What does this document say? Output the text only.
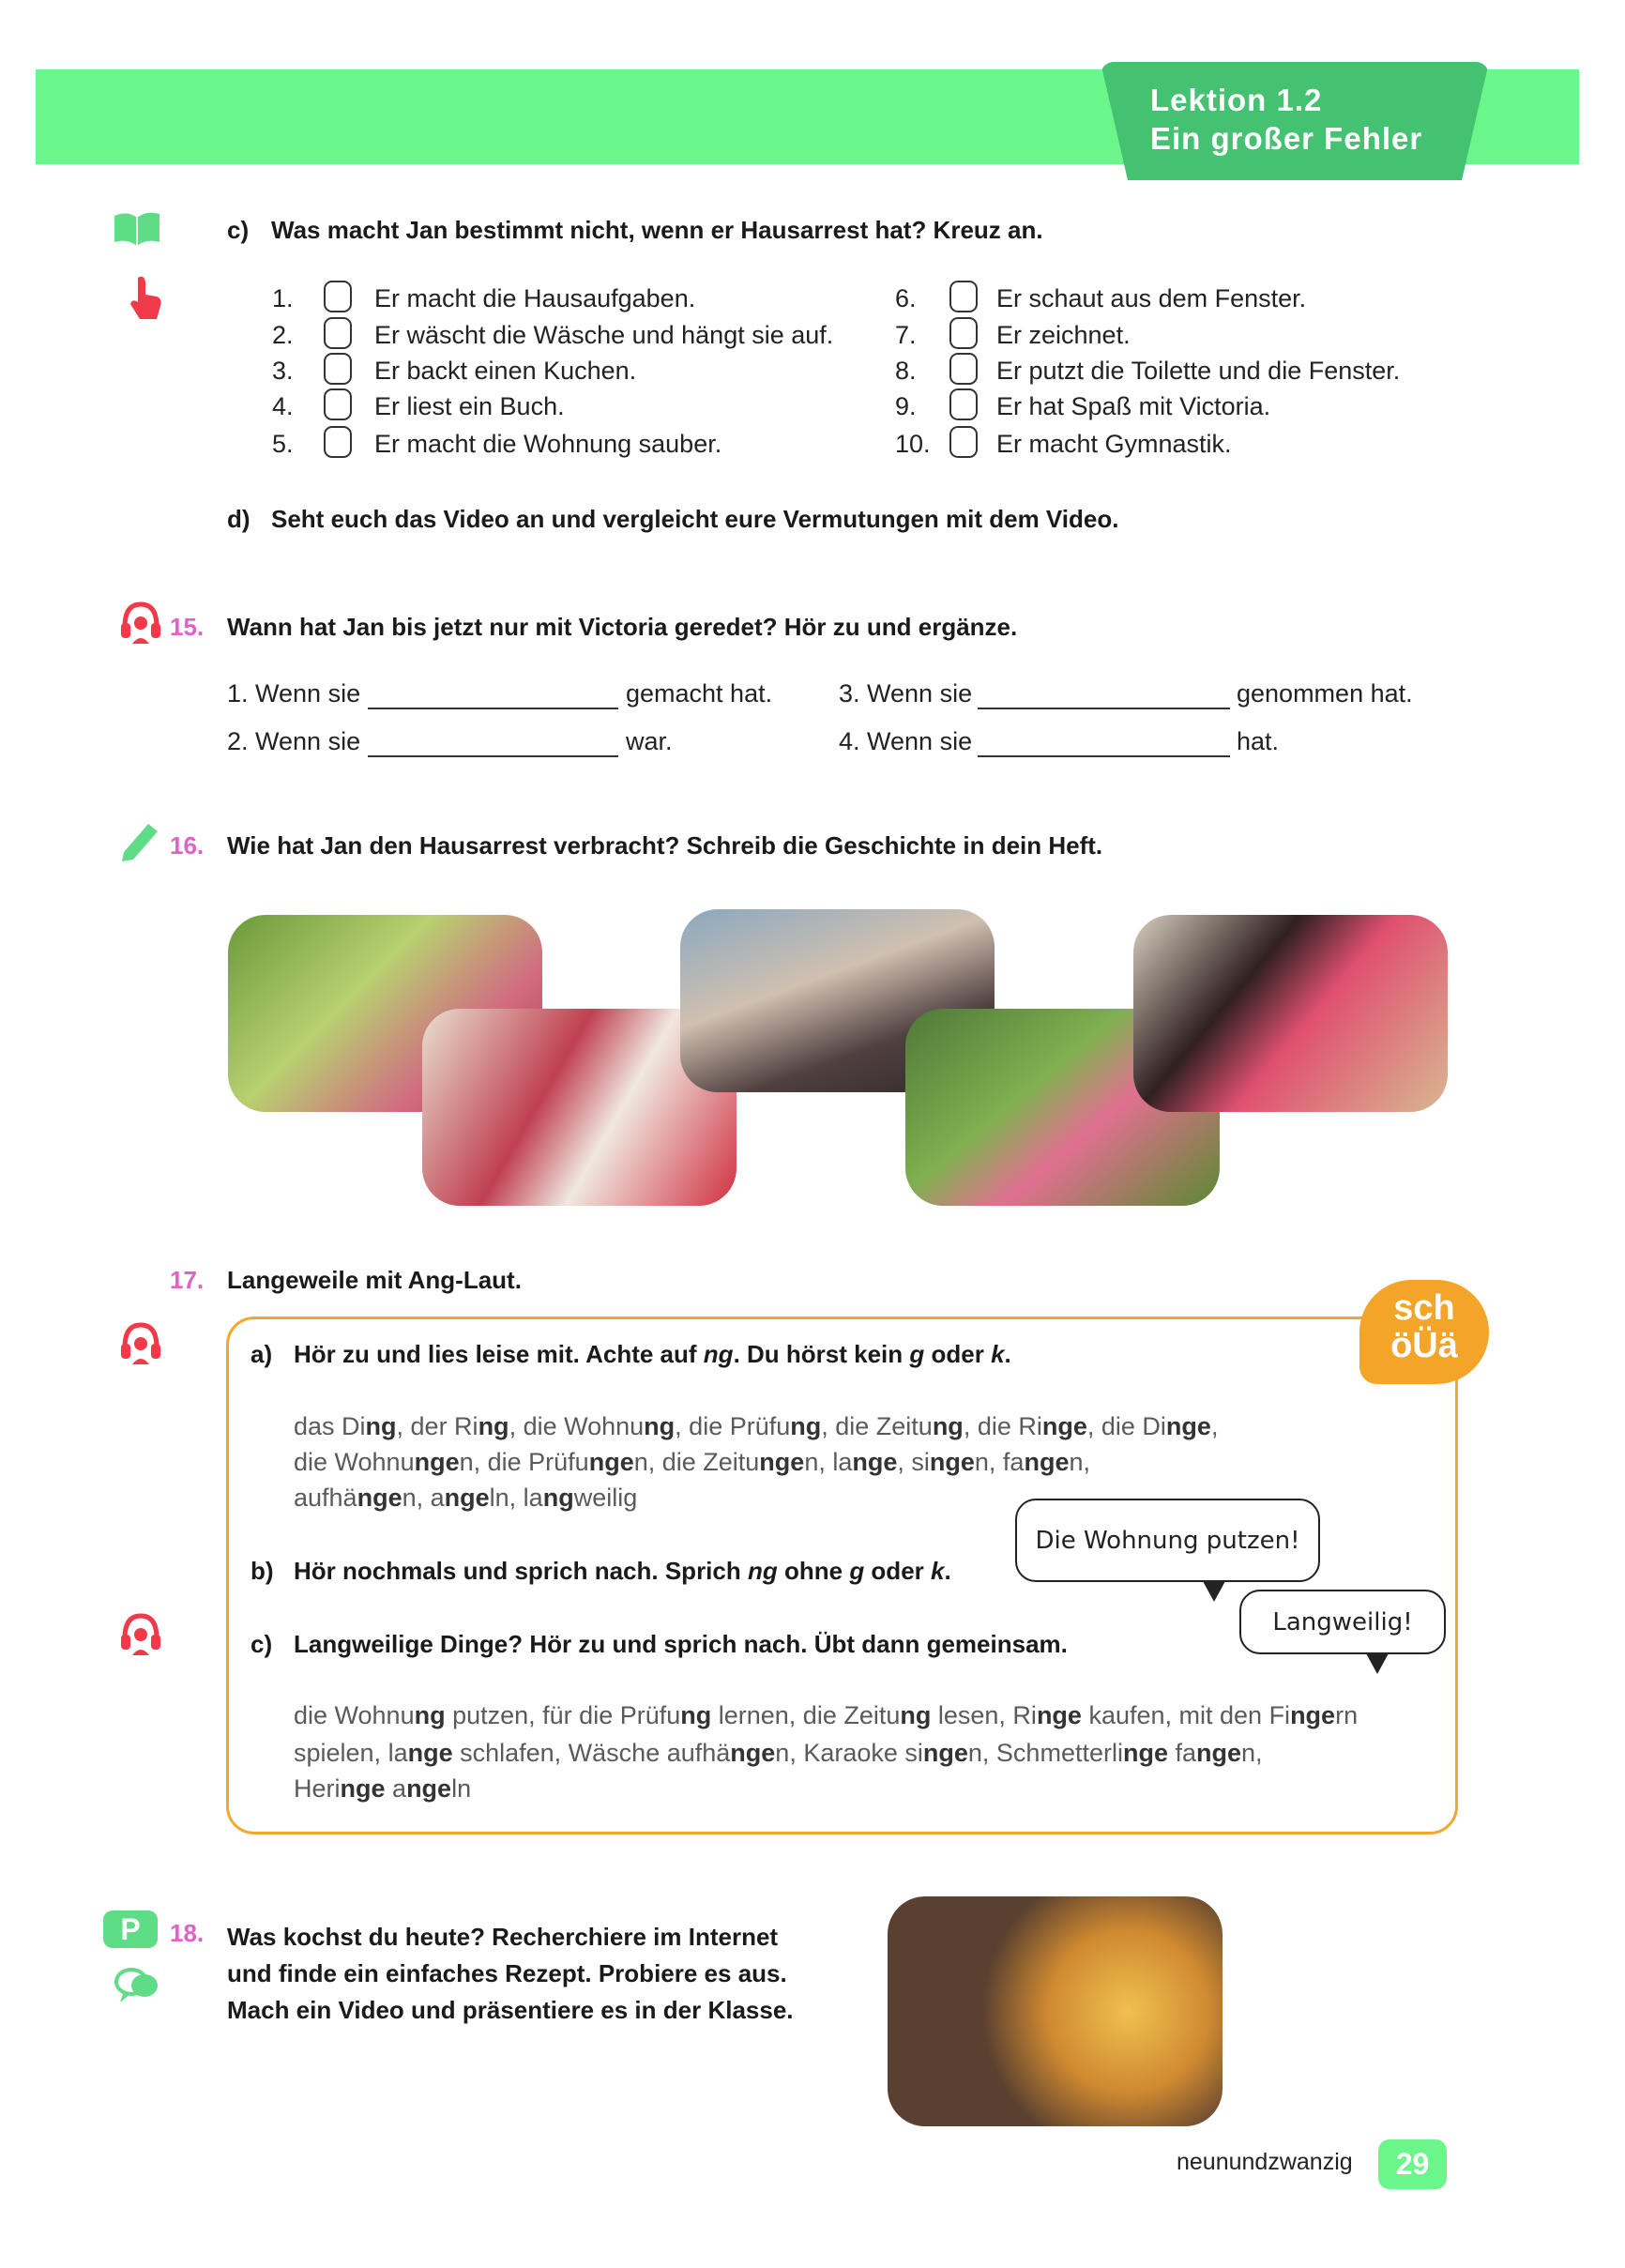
Lektion 1.2
Ein großer Fehler
c) Was macht Jan bestimmt nicht, wenn er Hausarrest hat? Kreuz an.
d) Seht euch das Video an und vergleicht eure Vermutungen mit dem Video.
15. Wann hat Jan bis jetzt nur mit Victoria geredet? Hör zu und ergänze.
16. Wie hat Jan den Hausarrest verbracht? Schreib die Geschichte in dein Heft.
17. Langeweile mit Ang-Laut.
sch
öÜä
a) Hör zu und lies leise mit. Achte auf ng. Du hörst kein g oder k.
b) Hör nochmals und sprich nach. Sprich ng ohne g oder k.
Die Wohnung putzen!
Langweilig!
c) Langweilige Dinge? Hör zu und sprich nach. Übt dann gemeinsam.
P	18. Was kochst du heute? Recherchiere im Internet
und finde ein einfaches Rezept. Probiere es aus.
Mach ein Video und präsentiere es in der Klasse.
neunundzwanzig	29
1.	Er macht die Hausaufgaben.
2.	Er wäscht die Wäsche und hängt sie auf.
3.	Er backt einen Kuchen.
4.	Er liest ein Buch.
5.	Er macht die Wohnung sauber.
6.	Er schaut aus dem Fenster.
7.	Er zeichnet.
8.	Er putzt die Toilette und die Fenster.
9.	Er hat Spaß mit Victoria.
10.	Er macht Gymnastik.
1. Wenn sie	gemacht hat.
2. Wenn sie	war.
3. Wenn sie	genommen hat.
4. Wenn sie	hat.
das Ding, der Ring, die Wohnung, die Prüfung, die Zeitung, die Ringe, die Dinge,
die Wohnungen, die Prüfungen, die Zeitungen, lange, singen, fangen,
aufhängen, angeln, langweilig
die Wohnung putzen, für die Prüfung lernen, die Zeitung lesen, Ringe kaufen, mit den Fingern
spielen, lange schlafen, Wäsche aufhängen, Karaoke singen, Schmetterlinge fangen,
Heringe angeln
